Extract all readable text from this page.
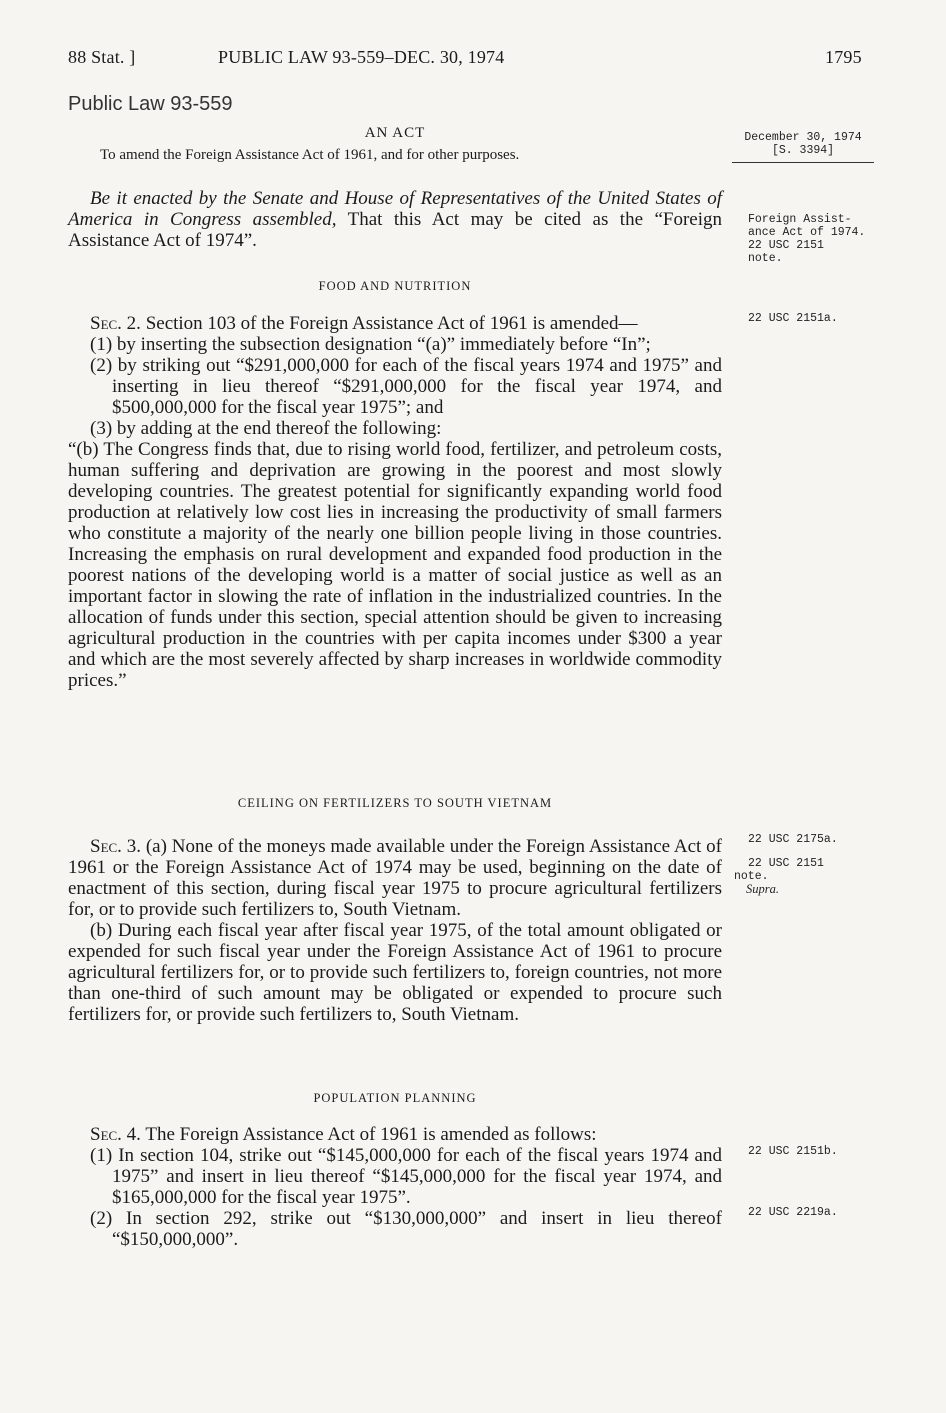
88 Stat. ]	PUBLIC LAW 93-559–DEC. 30, 1974	1795
Public Law 93-559
AN ACT
To amend the Foreign Assistance Act of 1961, and for other purposes.
December 30, 1974
[S. 3394]

Be it enacted by the Senate and House of Representatives of the United States of America in Congress assembled, That this Act may be cited as the “Foreign Assistance Act of 1974”.

Foreign Assist-
ance Act of 1974.
22 USC 2151
note.
FOOD AND NUTRITION

Sec. 2. Section 103 of the Foreign Assistance Act of 1961 is amended—

(1) by inserting the subsection designation “(a)” immediately before “In”;

(2) by striking out “$291,000,000 for each of the fiscal years 1974 and 1975” and inserting in lieu thereof “$291,000,000 for the fiscal year 1974, and $500,000,000 for the fiscal year 1975”; and

(3) by adding at the end thereof the following:

“(b) The Congress finds that, due to rising world food, fertilizer, and petroleum costs, human suffering and deprivation are growing in the poorest and most slowly developing countries. The greatest potential for significantly expanding world food production at relatively low cost lies in increasing the productivity of small farmers who constitute a majority of the nearly one billion people living in those countries. Increasing the emphasis on rural development and expanded food production in the poorest nations of the developing world is a matter of social justice as well as an important factor in slowing the rate of inflation in the industrialized countries. In the allocation of funds under this section, special attention should be given to increasing agricultural production in the countries with per capita incomes under $300 a year and which are the most severely affected by sharp increases in worldwide commodity prices.”

22 USC 2151a.
CEILING ON FERTILIZERS TO SOUTH VIETNAM

Sec. 3. (a) None of the moneys made available under the Foreign Assistance Act of 1961 or the Foreign Assistance Act of 1974 may be used, beginning on the date of enactment of this section, during fiscal year 1975 to procure agricultural fertilizers for, or to provide such fertilizers to, South Vietnam.

(b) During each fiscal year after fiscal year 1975, of the total amount obligated or expended for such fiscal year under the Foreign Assistance Act of 1961 to procure agricultural fertilizers for, or to provide such fertilizers to, foreign countries, not more than one-third of such amount may be obligated or expended to procure such fertilizers for, or provide such fertilizers to, South Vietnam.

22 USC 2175a.
22 USC 2151
note.
Supra.
POPULATION PLANNING

Sec. 4. The Foreign Assistance Act of 1961 is amended as follows:

(1) In section 104, strike out “$145,000,000 for each of the fiscal years 1974 and 1975” and insert in lieu thereof “$145,000,000 for the fiscal year 1974, and $165,000,000 for the fiscal year 1975”.

(2) In section 292, strike out “$130,000,000” and insert in lieu thereof “$150,000,000”.

22 USC 2151b.
22 USC 2219a.
